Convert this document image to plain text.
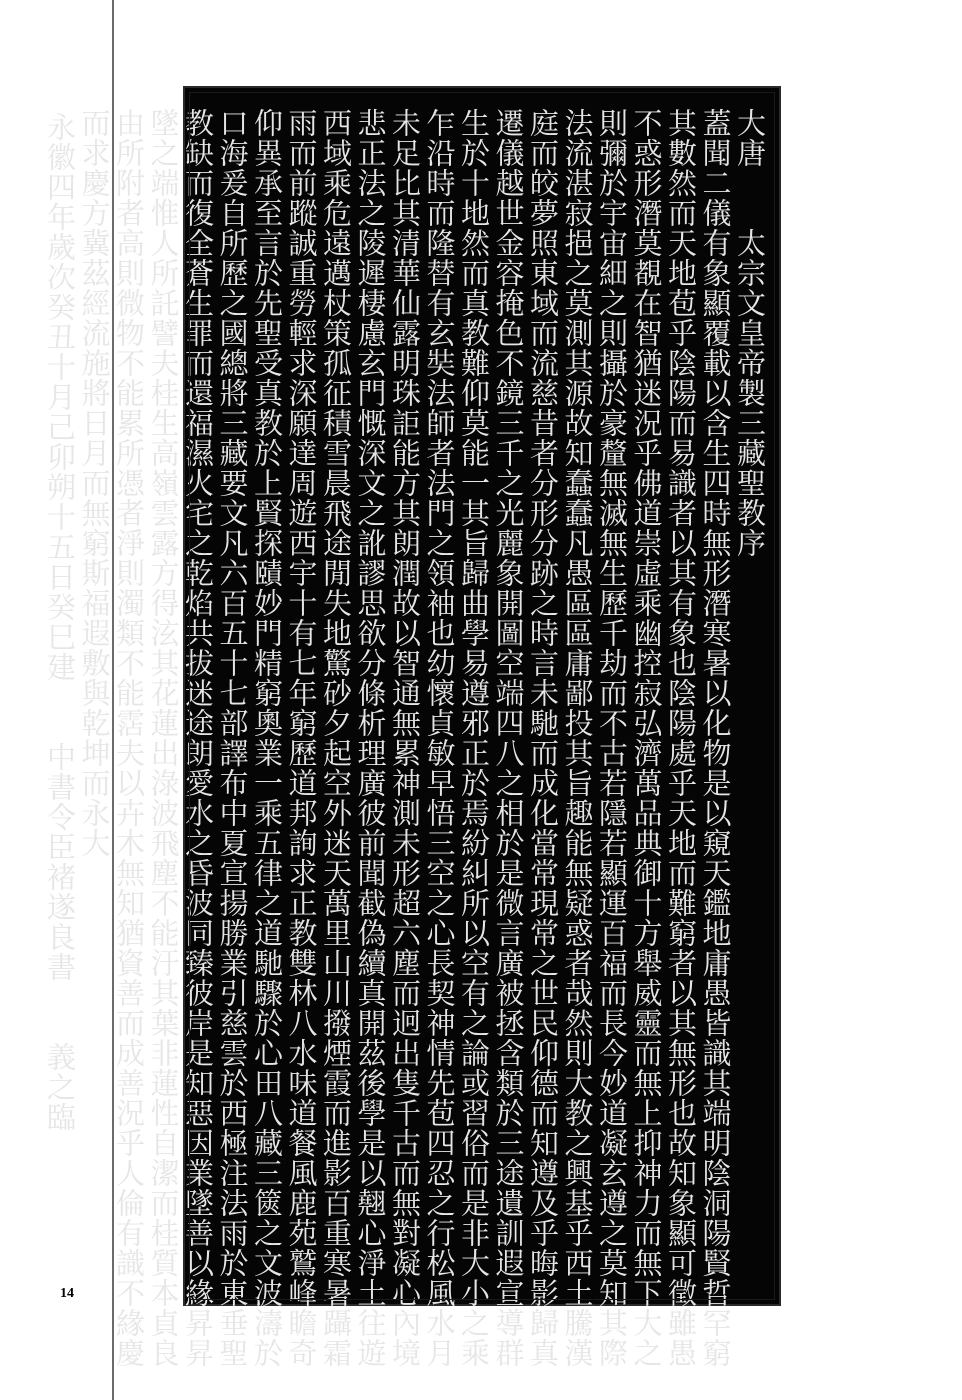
14
大唐　　太宗文皇帝製三藏聖教序
蓋聞二儀有象顯覆載以含生四時無形潛寒暑以化物是以窺天鑑地庸愚皆識其端明陰洞陽賢哲罕窮
其數然而天地苞乎陰陽而易識者以其有象也陰陽處乎天地而難窮者以其無形也故知象顯可徵雖愚
不惑形潛莫覩在智猶迷況乎佛道崇虛乘幽控寂弘濟萬品典御十方舉威靈而無上抑神力而無下大之
則彌於宇宙細之則攝於豪釐無滅無生歷千劫而不古若隱若顯運百福而長今妙道凝玄遵之莫知其際
法流湛寂挹之莫測其源故知蠢蠢凡愚區區庸鄙投其旨趣能無疑惑者哉然則大教之興基乎西土騰漢
庭而皎夢照東域而流慈昔者分形分跡之時言未馳而成化當常現常之世民仰德而知遵及乎晦影歸真
遷儀越世金容掩色不鏡三千之光麗象開圖空端四八之相於是微言廣被拯含類於三途遺訓遐宣導群
生於十地然而真教難仰莫能一其旨歸曲學易遵邪正於焉紛糾所以空有之論或習俗而是非大小之乘
乍沿時而隆替有玄奘法師者法門之領袖也幼懷貞敏早悟三空之心長契神情先苞四忍之行松風水月
未足比其清華仙露明珠詎能方其朗潤故以智通無累神測未形超六塵而迥出隻千古而無對凝心內境
悲正法之陵遲棲慮玄門慨深文之訛謬思欲分條析理廣彼前聞截偽續真開茲後學是以翹心淨土往遊
西域乘危遠邁杖策孤征積雪晨飛途閒失地驚砂夕起空外迷天萬里山川撥煙霞而進影百重寒暑躡霜
雨而前蹤誠重勞輕求深願達周遊西宇十有七年窮歷道邦詢求正教雙林八水味道餐風鹿苑鷲峰瞻奇
仰異承至言於先聖受真教於上賢探賾妙門精窮奧業一乘五律之道馳驟於心田八藏三篋之文波濤於
口海爰自所歷之國總將三藏要文凡六百五十七部譯布中夏宣揚勝業引慈雲於西極注法雨於東垂聖
教缺而復全蒼生罪而還福濕火宅之乾焰共拔迷途朗愛水之昏波同臻彼岸是知惡因業墜善以緣昇昇
墜之端惟人所託譬夫桂生高嶺雲露方得泫其花蓮出淥波飛塵不能汙其葉非蓮性自潔而桂質本貞良
由所附者高則微物不能累所憑者淨則濁類不能霑夫以卉木無知猶資善而成善況乎人倫有識不緣慶
而求慶方冀茲經流施將日月而無窮斯福遐敷與乾坤而永大
永徽四年歲次癸丑十月己卯朔十五日癸巳建　　中書令臣褚遂良書　　義之臨
